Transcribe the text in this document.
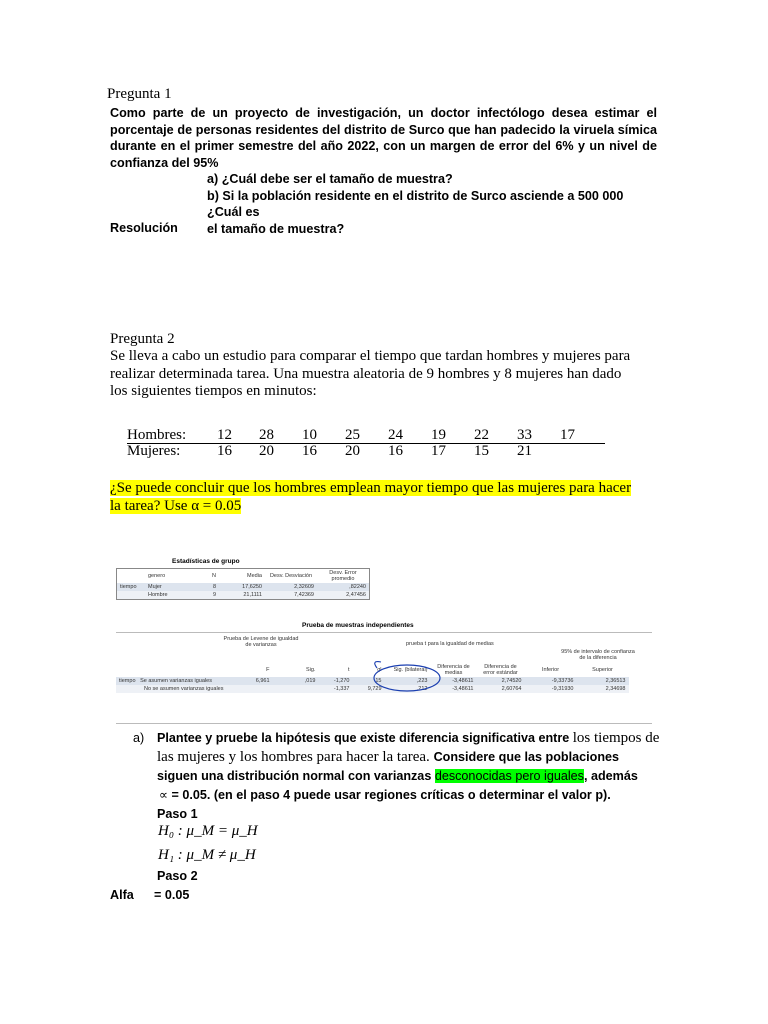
Pregunta 1
Como parte de un proyecto de investigación, un doctor infectólogo desea estimar el
porcentaje de personas residentes del distrito de Surco que han padecido la viruela símica
durante en el primer semestre del año 2022, con un margen de error del 6% y un nivel de
confianza del 95%
a) ¿Cuál debe ser el tamaño de muestra?
b) Si la población residente en el distrito de Surco asciende a 500 000 ¿Cuál es
el tamaño de muestra?
Resolución
Pregunta 2
Se lleva a cabo un estudio para comparar el tiempo que tardan hombres y mujeres para
realizar determinada tarea. Una muestra aleatoria de 9 hombres y 8 mujeres han dado
los siguientes tiempos en minutos:
Hombres:	12	28	10	25	24	19	22	33	17
Mujeres:	16	20	16	20	16	17	15	21	
¿Se puede concluir que los hombres emplean mayor tiempo que las mujeres para hacer
la tarea? Use α = 0.05
Estadísticas de grupo
	genero	N	Media	Desv. Desviación	Desv. Error promedio
tiempo	Mujer	8	17,6250	2,32609	,82240
	Hombre	9	21,1111	7,42369	2,47456
Prueba de muestras independientes
Prueba de Levene de igualdad de varianzas	prueba t para la igualdad de medias
95% de intervalo de confianza de la diferencia
	F	Sig.	t	gl	Sig. (bilateral)	Diferencia de medias	Diferencia de error estándar	Inferior	Superior
tiempo Se asumen varianzas iguales	6,961	,019	-1,270	15	,223	-3,48611	2,74520	-9,33736	2,36513
No se asumen varianzas iguales			-1,337	9,729	,212	-3,48611	2,60764	-9,31930	2,34698
a) Plantee y pruebe la hipótesis que existe diferencia significativa entre los tiempos de
las mujeres y los hombres para hacer la tarea. Considere que las poblaciones
siguen una distribución normal con varianzas desconocidas pero iguales, además
∝ = 0.05. (en el paso 4 puede usar regiones críticas o determinar el valor p).
Paso 1
H₀ : μ_M = μ_H
H₁ : μ_M ≠ μ_H
Paso 2
Alfa = 0.05
